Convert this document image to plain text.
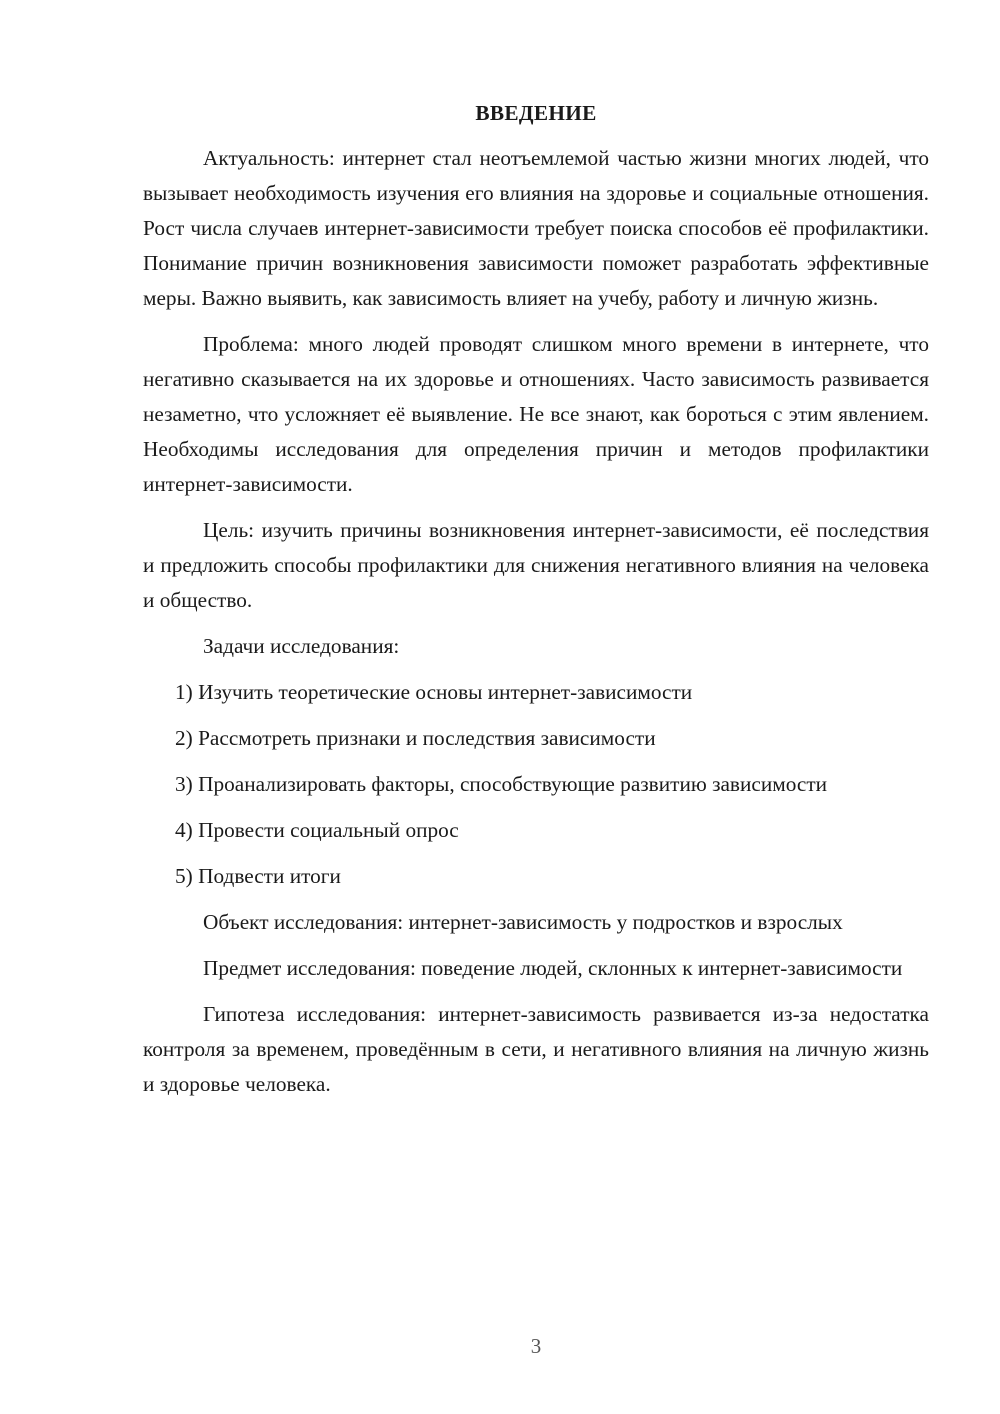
ВВЕДЕНИЕ

Актуальность: интернет стал неотъемлемой частью жизни многих людей, что вызывает необходимость изучения его влияния на здоровье и социальные отношения. Рост числа случаев интернет-зависимости требует поиска способов её профилактики. Понимание причин возникновения зависимости поможет разработать эффективные меры. Важно выявить, как зависимость влияет на учебу, работу и личную жизнь.

Проблема: много людей проводят слишком много времени в интернете, что негативно сказывается на их здоровье и отношениях. Часто зависимость развивается незаметно, что усложняет её выявление. Не все знают, как бороться с этим явлением. Необходимы исследования для определения причин и методов профилактики интернет-зависимости.

Цель: изучить причины возникновения интернет-зависимости, её последствия и предложить способы профилактики для снижения негативного влияния на человека и общество.

Задачи исследования:

1) Изучить теоретические основы интернет-зависимости

2) Рассмотреть признаки и последствия зависимости

3) Проанализировать факторы, способствующие развитию зависимости

4) Провести социальный опрос

5) Подвести итоги

Объект исследования: интернет-зависимость у подростков и взрослых

Предмет исследования: поведение людей, склонных к интернет-зависимости

Гипотеза исследования: интернет-зависимость развивается из-за недостатка контроля за временем, проведённым в сети, и негативного влияния на личную жизнь и здоровье человека.

3
